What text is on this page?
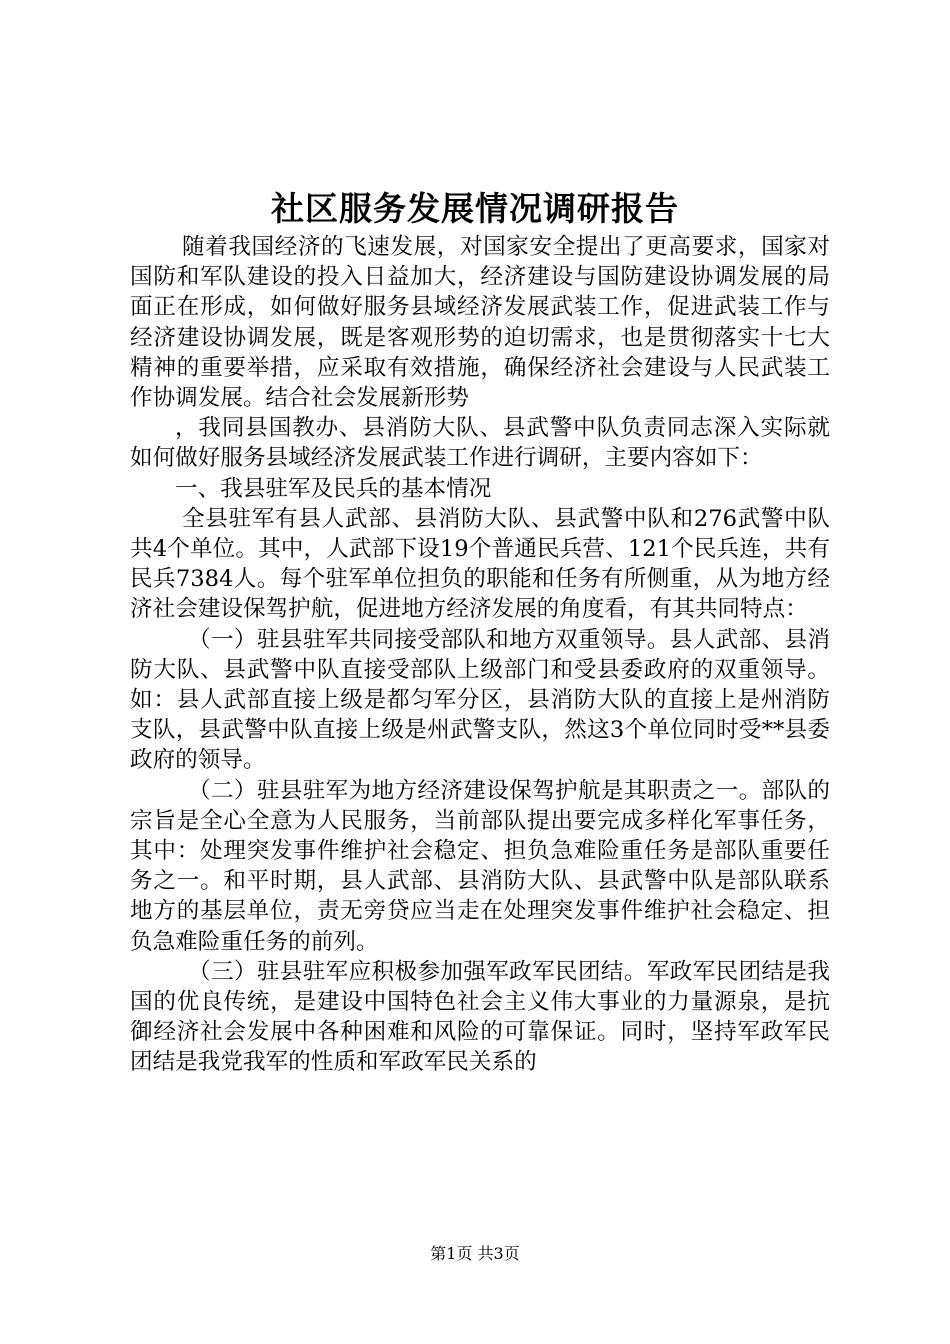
社区服务发展情况调研报告

随着我国经济的飞速发展，对国家安全提出了更高要求，国家对国防和军队建设的投入日益加大，经济建设与国防建设协调发展的局面正在形成，如何做好服务县域经济发展武装工作，促进武装工作与经济建设协调发展，既是客观形势的迫切需求，也是贯彻落实十七大精神的重要举措，应采取有效措施，确保经济社会建设与人民武装工作协调发展。结合社会发展新形势

，我同县国教办、县消防大队、县武警中队负责同志深入实际就如何做好服务县域经济发展武装工作进行调研，主要内容如下：

一、我县驻军及民兵的基本情况

全县驻军有县人武部、县消防大队、县武警中队和276武警中队共4个单位。其中，人武部下设19个普通民兵营、121个民兵连，共有民兵7384人。每个驻军单位担负的职能和任务有所侧重，从为地方经济社会建设保驾护航，促进地方经济发展的角度看，有其共同特点：

（一）驻县驻军共同接受部队和地方双重领导。县人武部、县消防大队、县武警中队直接受部队上级部门和受县委政府的双重领导。如：县人武部直接上级是都匀军分区，县消防大队的直接上是州消防支队，县武警中队直接上级是州武警支队，然这3个单位同时受**县委政府的领导。

（二）驻县驻军为地方经济建设保驾护航是其职责之一。部队的宗旨是全心全意为人民服务，当前部队提出要完成多样化军事任务，其中：处理突发事件维护社会稳定、担负急难险重任务是部队重要任务之一。和平时期，县人武部、县消防大队、县武警中队是部队联系地方的基层单位，责无旁贷应当走在处理突发事件维护社会稳定、担负急难险重任务的前列。

（三）驻县驻军应积极参加强军政军民团结。军政军民团结是我国的优良传统，是建设中国特色社会主义伟大事业的力量源泉，是抗御经济社会发展中各种困难和风险的可靠保证。同时，坚持军政军民团结是我党我军的性质和军政军民关系的

第1页 共3页
